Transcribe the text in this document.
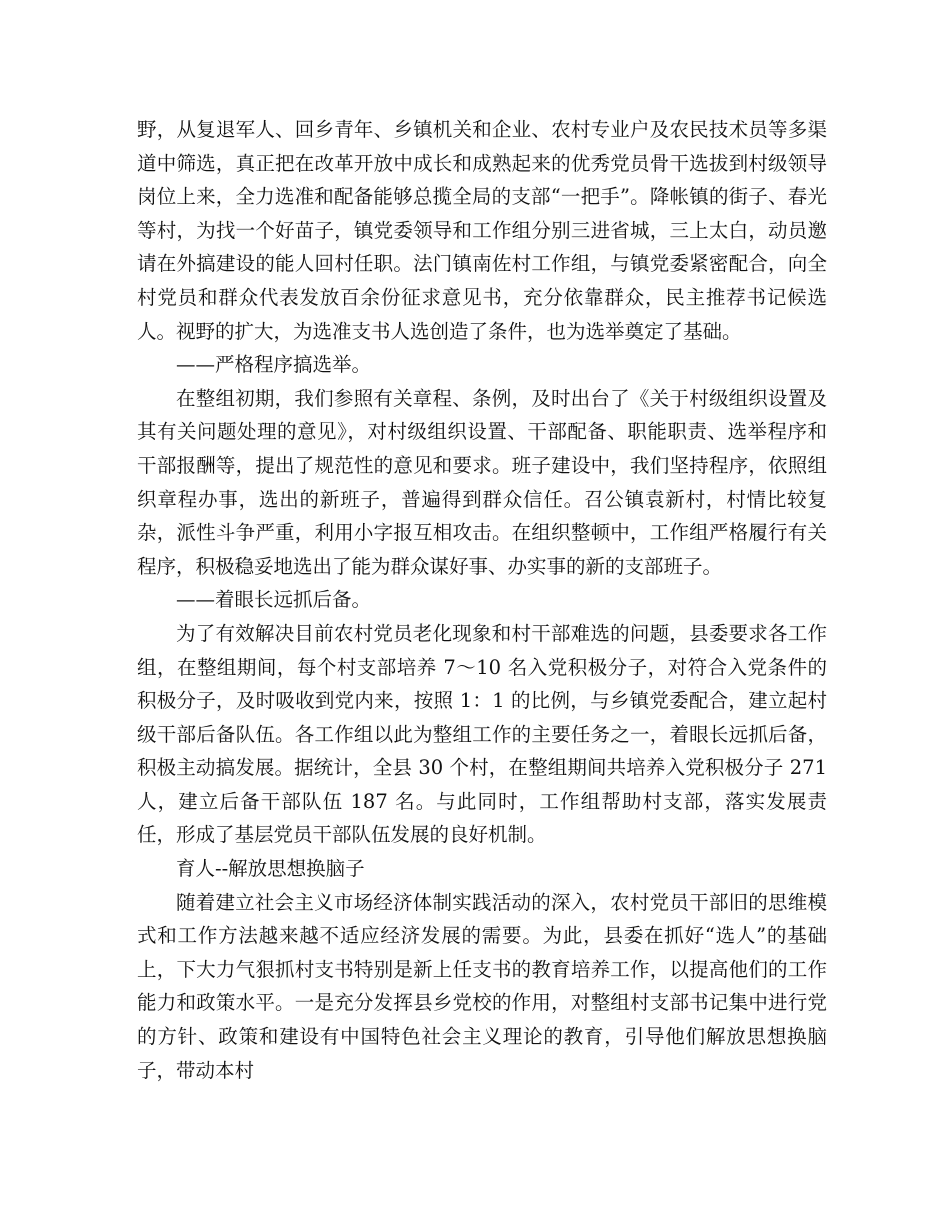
野，从复退军人、回乡青年、乡镇机关和企业、农村专业户及农民技术员等多渠道中筛选，真正把在改革开放中成长和成熟起来的优秀党员骨干选拔到村级领导岗位上来，全力选准和配备能够总揽全局的支部“一把手”。降帐镇的街子、春光等村，为找一个好苗子，镇党委领导和工作组分别三进省城，三上太白，动员邀请在外搞建设的能人回村任职。法门镇南佐村工作组，与镇党委紧密配合，向全村党员和群众代表发放百余份征求意见书，充分依靠群众，民主推荐书记候选人。视野的扩大，为选准支书人选创造了条件，也为选举奠定了基础。

——严格程序搞选举。

在整组初期，我们参照有关章程、条例，及时出台了《关于村级组织设置及其有关问题处理的意见》，对村级组织设置、干部配备、职能职责、选举程序和干部报酬等，提出了规范性的意见和要求。班子建设中，我们坚持程序，依照组织章程办事，选出的新班子，普遍得到群众信任。召公镇袁新村，村情比较复杂，派性斗争严重，利用小字报互相攻击。在组织整顿中，工作组严格履行有关程序，积极稳妥地选出了能为群众谋好事、办实事的新的支部班子。

——着眼长远抓后备。

为了有效解决目前农村党员老化现象和村干部难选的问题，县委要求各工作组，在整组期间，每个村支部培养 7～10 名入党积极分子，对符合入党条件的积极分子，及时吸收到党内来，按照 1：1 的比例，与乡镇党委配合，建立起村级干部后备队伍。各工作组以此为整组工作的主要任务之一，着眼长远抓后备，积极主动搞发展。据统计，全县 30 个村，在整组期间共培养入党积极分子 271 人，建立后备干部队伍 187 名。与此同时，工作组帮助村支部，落实发展责任，形成了基层党员干部队伍发展的良好机制。

育人--解放思想换脑子

随着建立社会主义市场经济体制实践活动的深入，农村党员干部旧的思维模式和工作方法越来越不适应经济发展的需要。为此，县委在抓好“选人”的基础上，下大力气狠抓村支书特别是新上任支书的教育培养工作，以提高他们的工作能力和政策水平。一是充分发挥县乡党校的作用，对整组村支部书记集中进行党的方针、政策和建设有中国特色社会主义理论的教育，引导他们解放思想换脑子，带动本村
